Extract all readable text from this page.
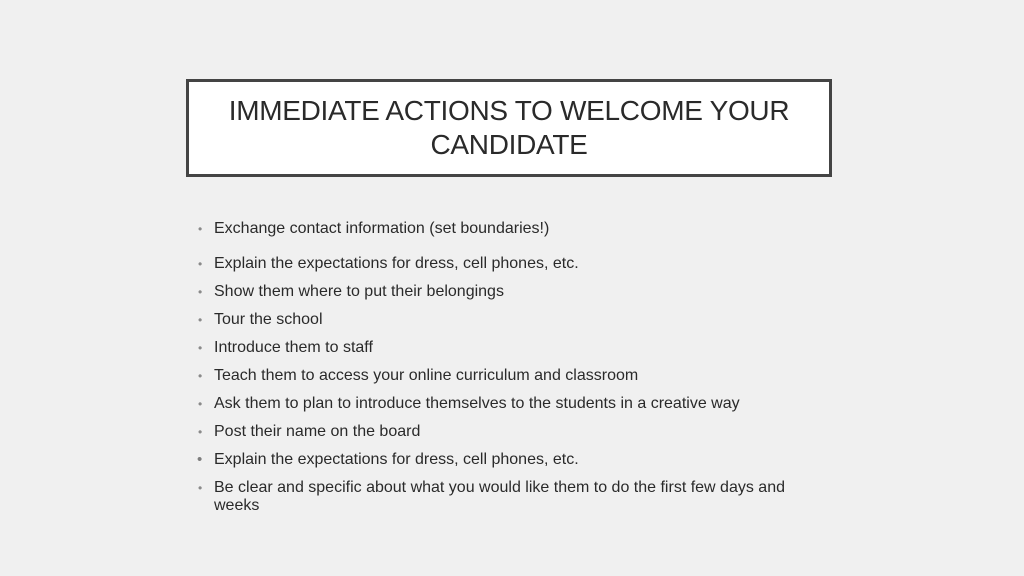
IMMEDIATE ACTIONS TO WELCOME YOUR CANDIDATE
• Exchange contact information (set boundaries!)
• Explain the expectations for dress, cell phones, etc.
• Show them where to put their belongings
• Tour the school
• Introduce them to staff
• Teach them to access your online curriculum and classroom
• Ask them to plan to introduce themselves to the students in a creative way
• Post their name on the board
• Explain the expectations for dress, cell phones, etc.
• Be clear and specific about what you would like them to do the first few days and weeks
